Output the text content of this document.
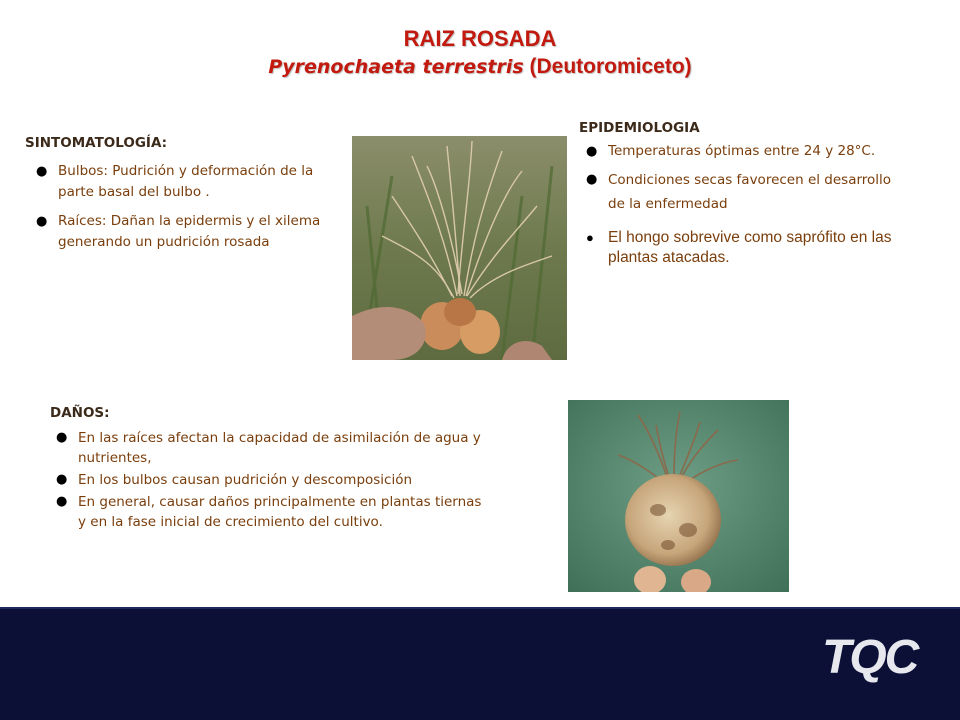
RAIZ ROSADA
Pyrenochaeta terrestris (Deutoromiceto)
SINTOMATOLOGÍA:
● Bulbos: Pudrición y deformación de la parte basal del bulbo .
● Raíces: Dañan la epidermis y el xilema generando un pudrición rosada
EPIDEMIOLOGIA
● Temperaturas óptimas entre 24 y 28°C.
● Condiciones secas favorecen el desarrollo de la enfermedad
● El hongo sobrevive como saprófito en las plantas atacadas.
DAÑOS:
● En las raíces afectan la capacidad de asimilación de agua y nutrientes,
● En los bulbos causan pudrición y descomposición
● En general, causar daños principalmente en plantas tiernas y en la fase inicial de crecimiento del cultivo.
TQC
